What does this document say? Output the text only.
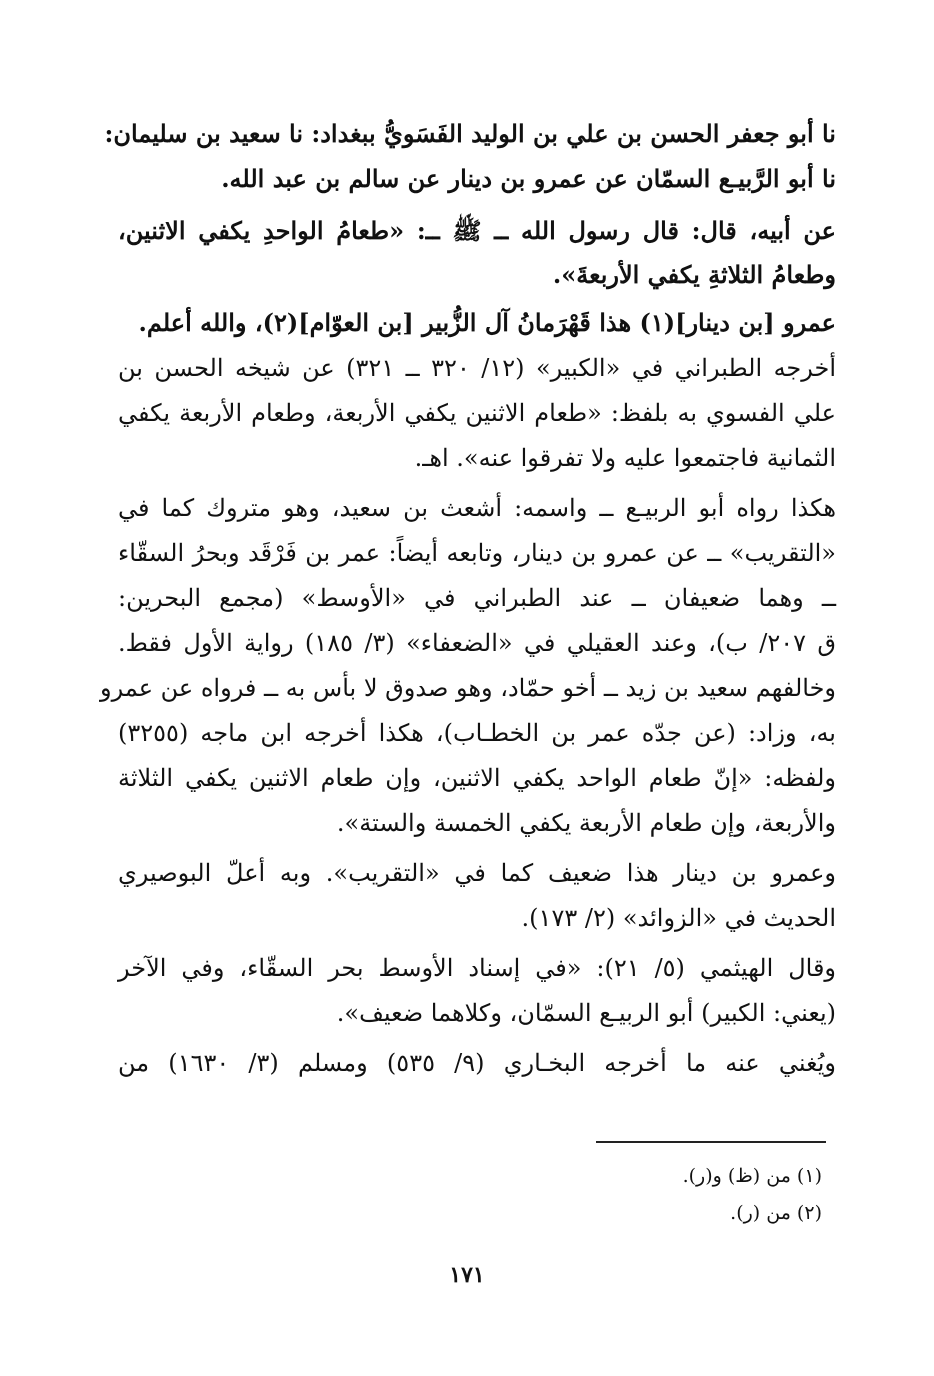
نا أبو جعفر الحسن بن علي بن الوليد الفَسَويُّ ببغداد: نا سعيد بن سليمان:
نا أبو الرَّبيـع السمّان عن عمرو بن دينار عن سالم بن عبد الله.
عن أبيه، قال: قال رسول الله ــ ﷺ ــ: «طعامُ الواحدِ يكفي الاثنين،
وطعامُ الثلاثةِ يكفي الأربعةَ».
عمرو [بن دينار](١) هذا قَهْرَمانُ آل الزُّبير [بن العوّام](٢)، والله أعلم.
أخرجه الطبراني في «الكبير» (١٢/ ٣٢٠ ــ ٣٢١) عن شيخه الحسن بن
علي الفسوي به بلفظ: «طعام الاثنين يكفي الأربعة، وطعام الأربعة يكفي
الثمانية فاجتمعوا عليه ولا تفرقوا عنه». اهـ.
هكذا رواه أبو الربيـع ــ واسمه: أشعث بن سعيد، وهو متروك كما في
«التقريب» ــ عن عمرو بن دينار، وتابعه أيضاً: عمر بن فَرْقَد وبحرُ السقّاء
ــ وهما ضعيفان ــ عند الطبراني في «الأوسط» (مجمع البحرين:
ق ٢٠٧/ ب)، وعند العقيلي في «الضعفاء» (٣/ ١٨٥) رواية الأول فقط.
وخالفهم سعيد بن زيد ــ أخو حمّاد، وهو صدوق لا بأس به ــ فرواه عن عمرو
به، وزاد: (عن جدّه عمر بن الخطـاب)، هكذا أخرجه ابن ماجه (٣٢٥٥)
ولفظه: «إنّ طعام الواحد يكفي الاثنين، وإن طعام الاثنين يكفي الثلاثة
والأربعة، وإن طعام الأربعة يكفي الخمسة والستة».
وعمرو بن دينار هذا ضعيف كما في «التقريب». وبه أعلّ البوصيري
الحديث في «الزوائد» (٢/ ١٧٣).
وقال الهيثمي (٥/ ٢١): «في إسناد الأوسط بحر السقّاء، وفي الآخر
(يعني: الكبير) أبو الربيـع السمّان، وكلاهما ضعيف».
ويُغني عنه ما أخرجه البخـاري (٩/ ٥٣٥) ومسلم (٣/ ١٦٣٠) من
(١) من (ظ) و(ر).
(٢) من (ر).
١٧١
